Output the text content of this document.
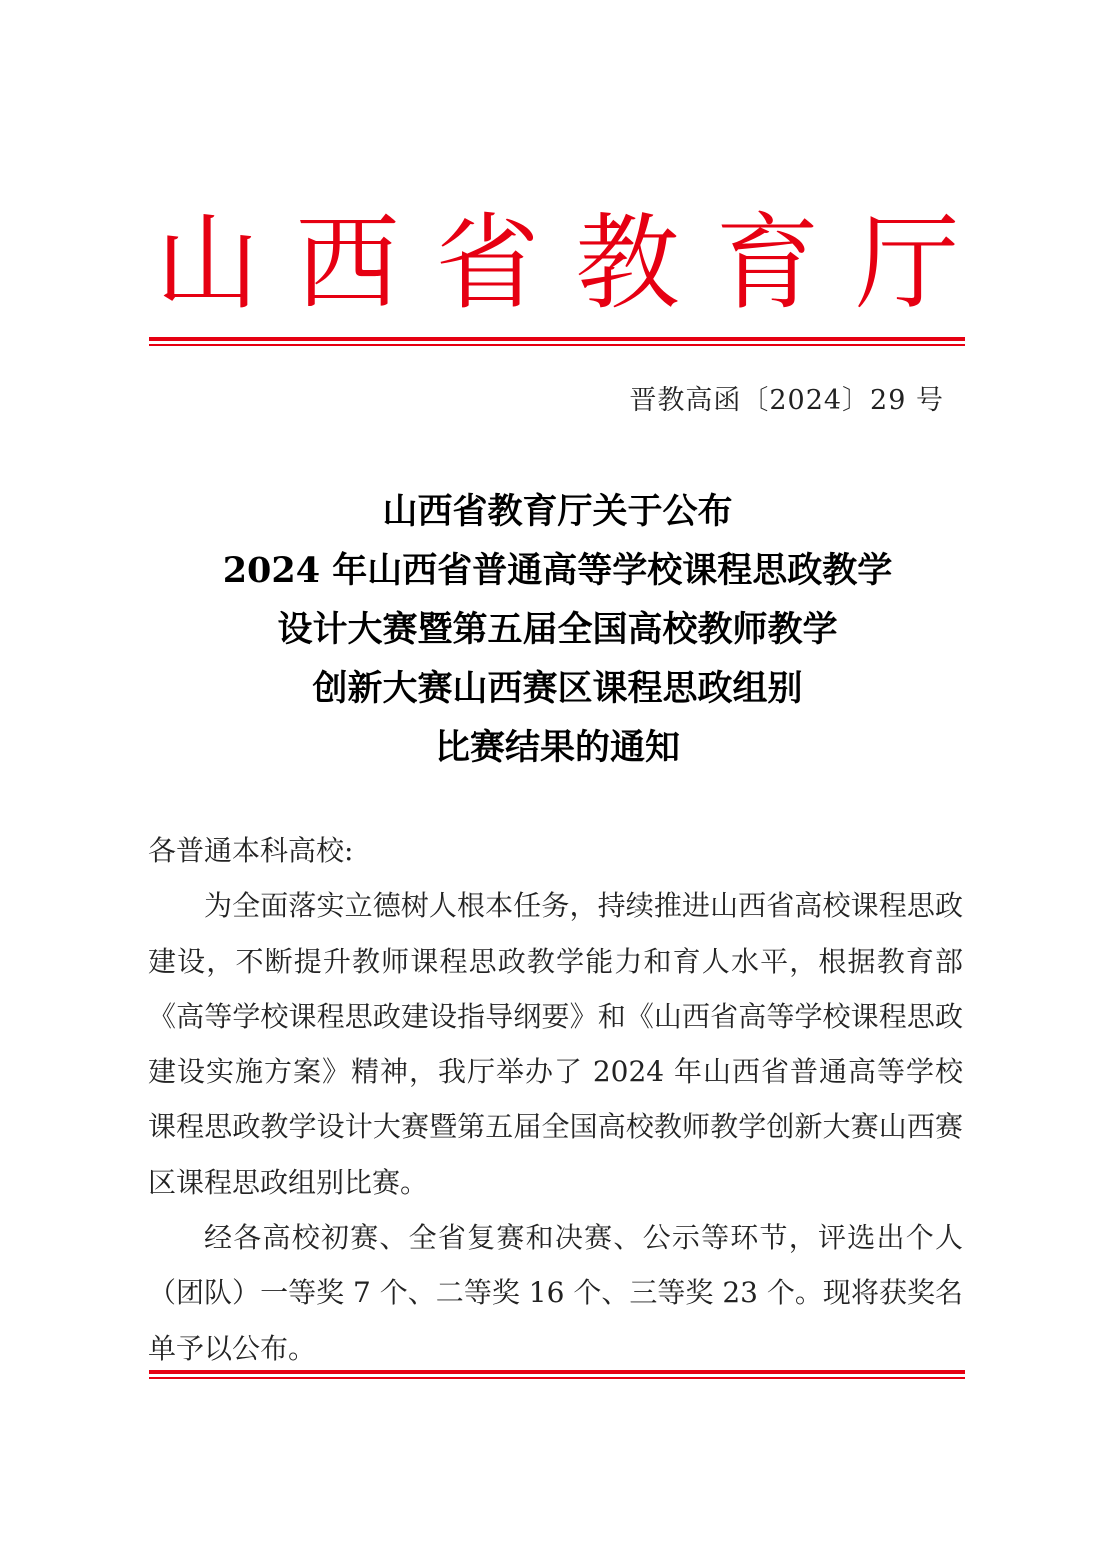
山 西 省 教 育 厅
晋教高函〔2024〕29 号
山西省教育厅关于公布
2024 年山西省普通高等学校课程思政教学
设计大赛暨第五届全国高校教师教学
创新大赛山西赛区课程思政组别
比赛结果的通知

各普通本科高校:

为全面落实立德树人根本任务，持续推进山西省高校课程思政建设，不断提升教师课程思政教学能力和育人水平，根据教育部《高等学校课程思政建设指导纲要》和《山西省高等学校课程思政建设实施方案》精神，我厅举办了 2024 年山西省普通高等学校课程思政教学设计大赛暨第五届全国高校教师教学创新大赛山西赛区课程思政组别比赛。

经各高校初赛、全省复赛和决赛、公示等环节，评选出个人（团队）一等奖 7 个、二等奖 16 个、三等奖 23 个。现将获奖名单予以公布。
